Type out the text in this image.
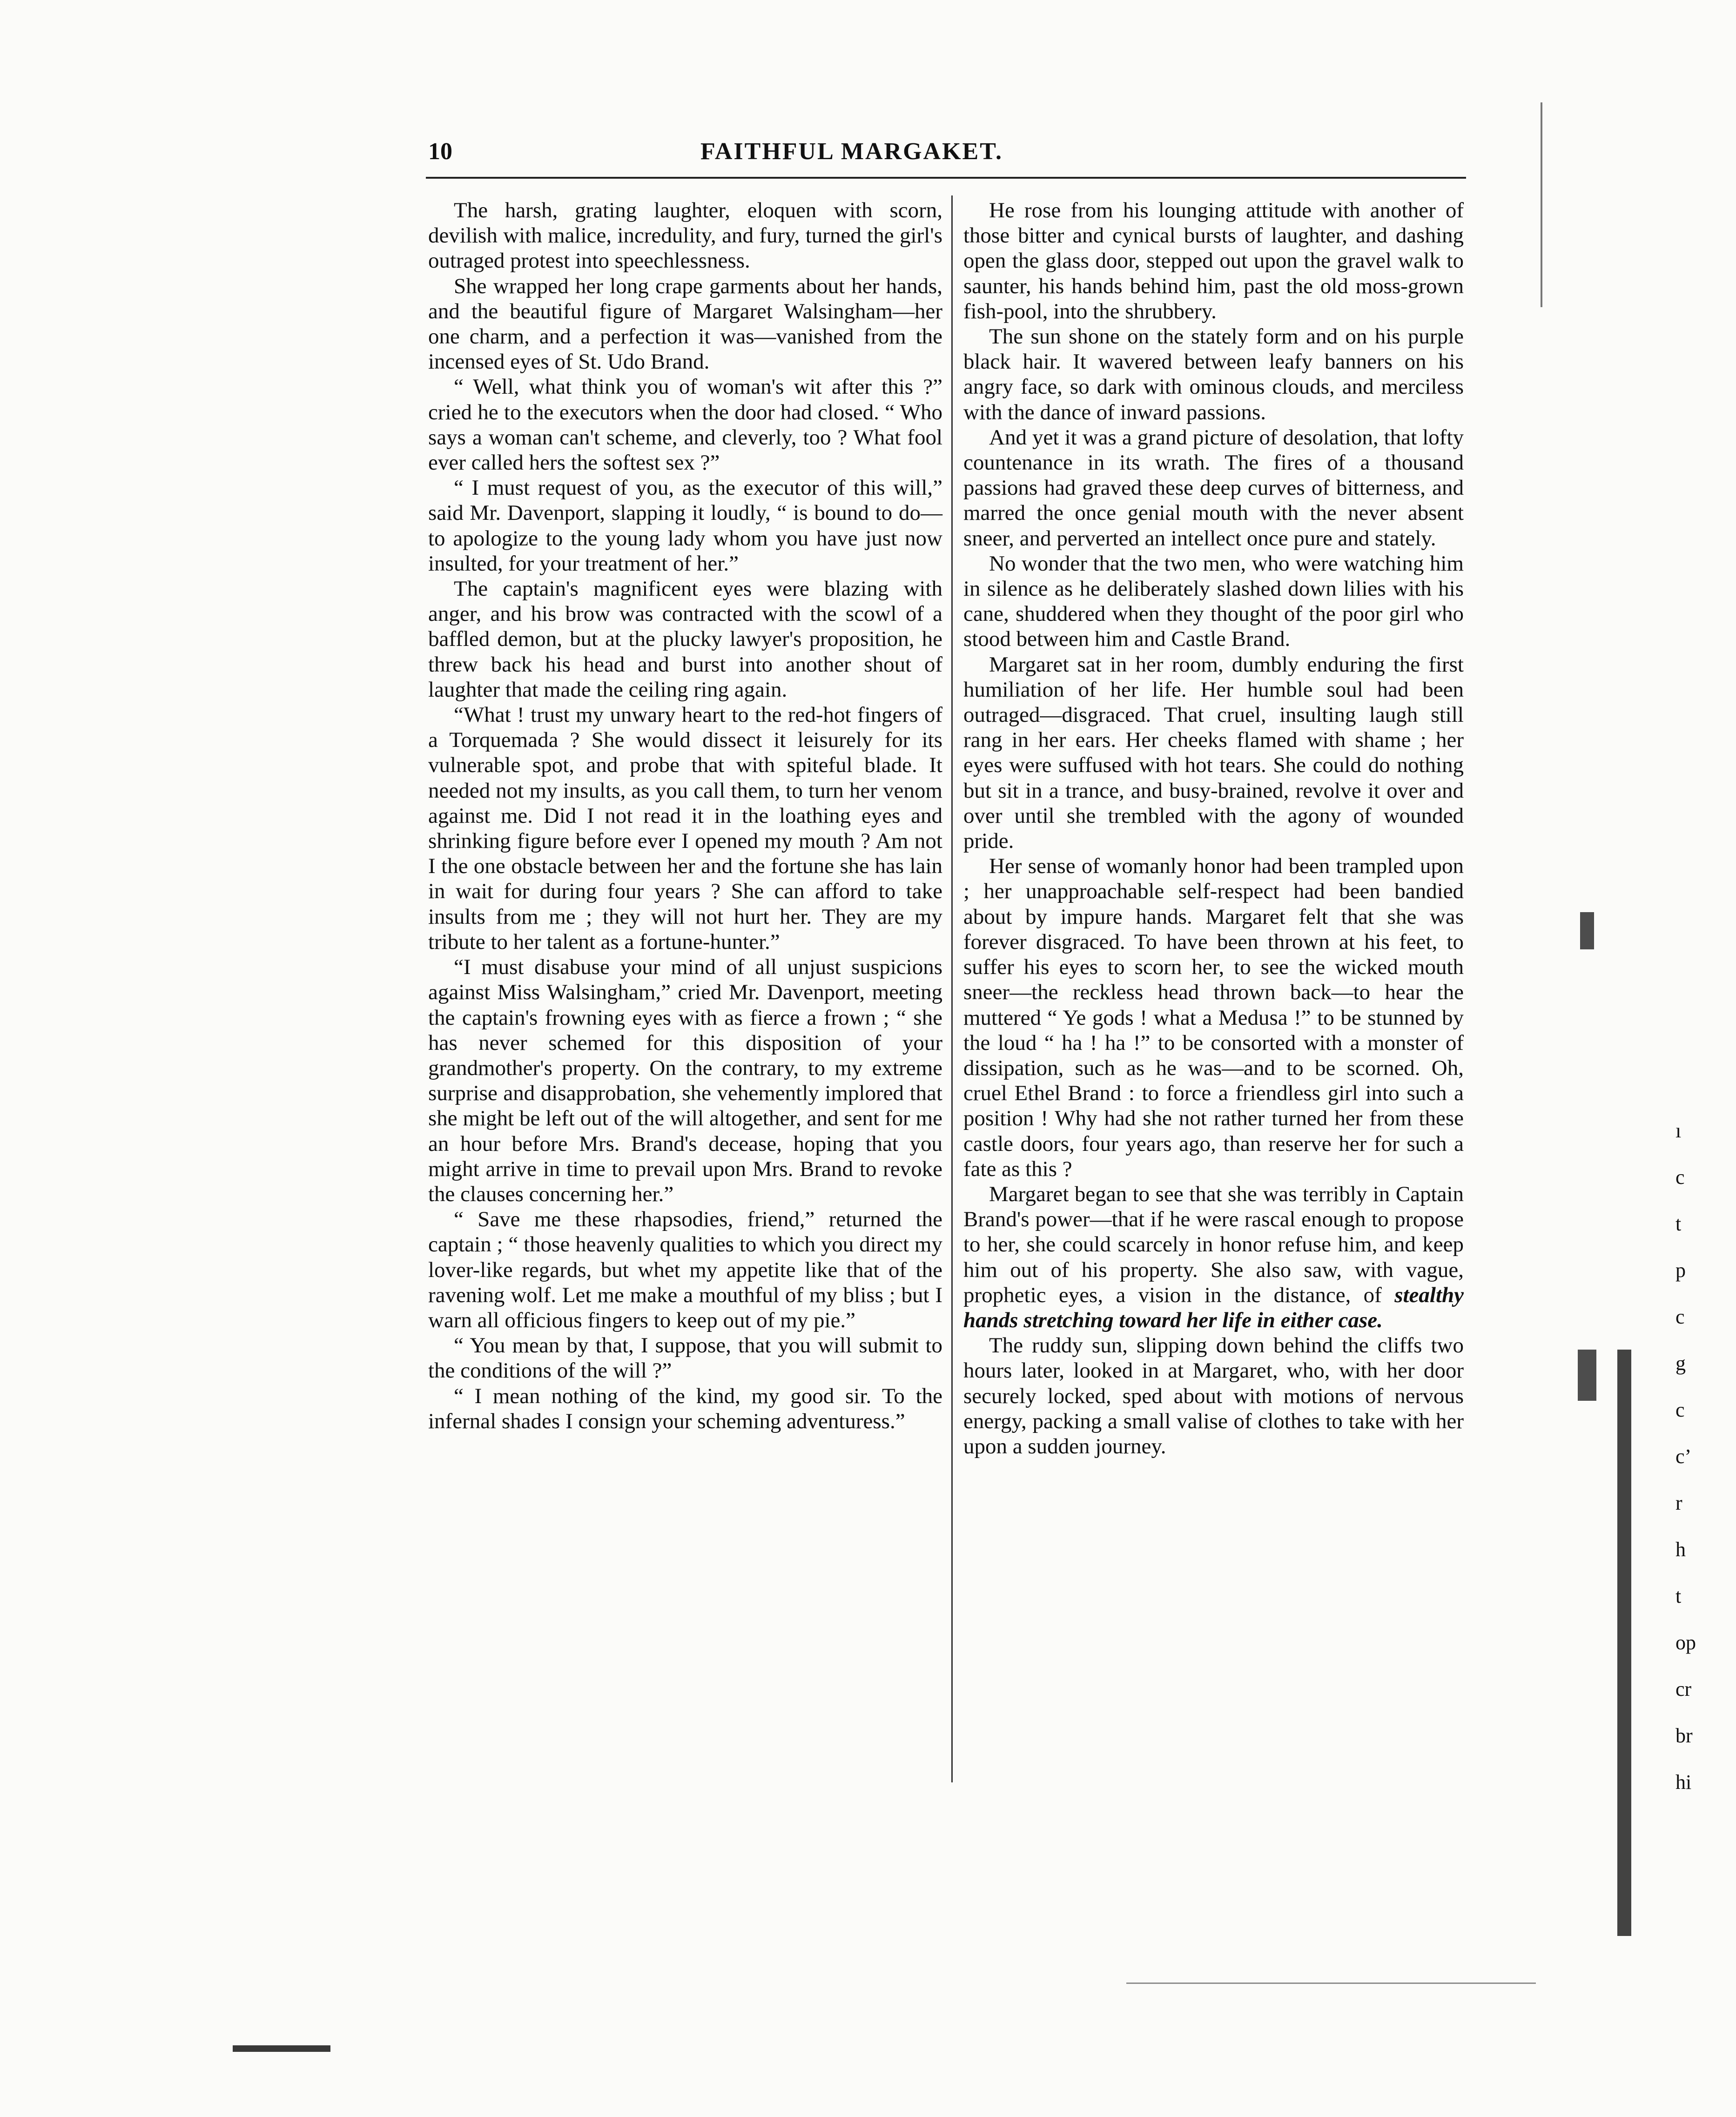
10	FAITHFUL MARGAKET.

The harsh, grating laughter, eloquen with scorn, devilish with malice, incredulity, and fury, turned the girl's outraged protest into speechlessness.

She wrapped her long crape garments about her hands, and the beautiful figure of Margaret Walsingham—her one charm, and a perfection it was—vanished from the incensed eyes of St. Udo Brand.

“ Well, what think you of woman's wit after this ?” cried he to the executors when the door had closed. “ Who says a woman can't scheme, and cleverly, too ? What fool ever called hers the softest sex ?”

“ I must request of you, as the executor of this will,” said Mr. Davenport, slapping it loudly, “ is bound to do—to apologize to the young lady whom you have just now insulted, for your treatment of her.”

The captain's magnificent eyes were blazing with anger, and his brow was contracted with the scowl of a baffled demon, but at the plucky lawyer's proposition, he threw back his head and burst into another shout of laughter that made the ceiling ring again.

“What ! trust my unwary heart to the red-hot fingers of a Torquemada ? She would dissect it leisurely for its vulnerable spot, and probe that with spiteful blade. It needed not my insults, as you call them, to turn her venom against me. Did I not read it in the loathing eyes and shrinking figure before ever I opened my mouth ? Am not I the one obstacle between her and the fortune she has lain in wait for during four years ? She can afford to take insults from me ; they will not hurt her. They are my tribute to her talent as a fortune-hunter.”

“I must disabuse your mind of all unjust suspicions against Miss Walsingham,” cried Mr. Davenport, meeting the captain's frowning eyes with as fierce a frown ; “ she has never schemed for this disposition of your grandmother's property. On the contrary, to my extreme surprise and disapprobation, she vehemently implored that she might be left out of the will altogether, and sent for me an hour before Mrs. Brand's decease, hoping that you might arrive in time to prevail upon Mrs. Brand to revoke the clauses concerning her.”

“ Save me these rhapsodies, friend,” returned the captain ; “ those heavenly qualities to which you direct my lover-like regards, but whet my appetite like that of the ravening wolf. Let me make a mouthful of my bliss ; but I warn all officious fingers to keep out of my pie.”

“ You mean by that, I suppose, that you will submit to the conditions of the will ?”

“ I mean nothing of the kind, my good sir. To the infernal shades I consign your scheming adventuress.”

He rose from his lounging attitude with another of those bitter and cynical bursts of laughter, and dashing open the glass door, stepped out upon the gravel walk to saunter, his hands behind him, past the old moss-grown fish-pool, into the shrubbery.

The sun shone on the stately form and on his purple black hair. It wavered between leafy banners on his angry face, so dark with ominous clouds, and merciless with the dance of inward passions.

And yet it was a grand picture of desolation, that lofty countenance in its wrath. The fires of a thousand passions had graved these deep curves of bitterness, and marred the once genial mouth with the never absent sneer, and perverted an intellect once pure and stately.

No wonder that the two men, who were watching him in silence as he deliberately slashed down lilies with his cane, shuddered when they thought of the poor girl who stood between him and Castle Brand.

Margaret sat in her room, dumbly enduring the first humiliation of her life. Her humble soul had been outraged—disgraced. That cruel, insulting laugh still rang in her ears. Her cheeks flamed with shame ; her eyes were suffused with hot tears. She could do nothing but sit in a trance, and busy-brained, revolve it over and over until she trembled with the agony of wounded pride.

Her sense of womanly honor had been trampled upon ; her unapproachable self-respect had been bandied about by impure hands. Margaret felt that she was forever disgraced. To have been thrown at his feet, to suffer his eyes to scorn her, to see the wicked mouth sneer—the reckless head thrown back—to hear the muttered “ Ye gods ! what a Medusa !” to be stunned by the loud “ ha ! ha !” to be consorted with a monster of dissipation, such as he was—and to be scorned. Oh, cruel Ethel Brand : to force a friendless girl into such a position ! Why had she not rather turned her from these castle doors, four years ago, than reserve her for such a fate as this ?

Margaret began to see that she was terribly in Captain Brand's power—that if he were rascal enough to propose to her, she could scarcely in honor refuse him, and keep him out of his property. She also saw, with vague, prophetic eyes, a vision in the distance, of stealthy hands stretching toward her life in either case.

The ruddy sun, slipping down behind the cliffs two hours later, looked in at Margaret, who, with her door securely locked, sped about with motions of nervous energy, packing a small valise of clothes to take with her upon a sudden journey.

ı
c
t
p
c
g
c
c’
r
h
t
op
cr
br
hi
